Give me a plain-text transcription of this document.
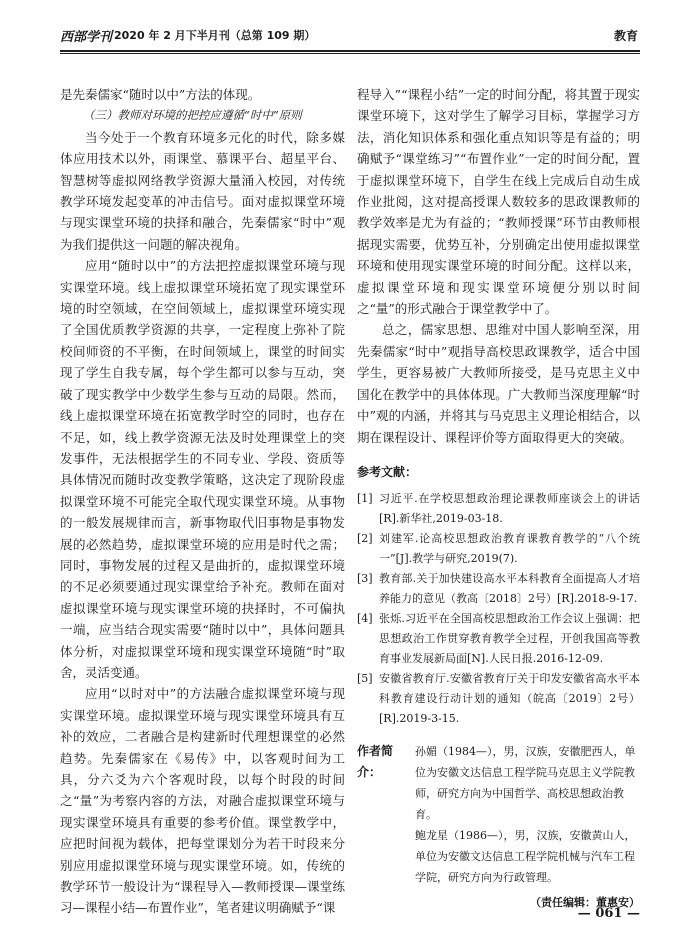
西部学刊 2020 年 2 月下半月刊（总第 109 期）	教育

是先秦儒家“随时以中”方法的体现。

（三）教师对环境的把控应遵循“时中”原则

当今处于一个教育环境多元化的时代，除多媒体应用技术以外，雨课堂、慕课平台、超星平台、智慧树等虚拟网络教学资源大量涌入校园，对传统教学环境发起变革的冲击信号。面对虚拟课堂环境与现实课堂环境的抉择和融合，先秦儒家“时中”观为我们提供这一问题的解决视角。

应用“随时以中”的方法把控虚拟课堂环境与现实课堂环境。线上虚拟课堂环境拓宽了现实课堂环境的时空领域，在空间领域上，虚拟课堂环境实现了全国优质教学资源的共享，一定程度上弥补了院校间师资的不平衡，在时间领域上，课堂的时间实现了学生自我专属，每个学生都可以参与互动，突破了现实教学中少数学生参与互动的局限。然而，线上虚拟课堂环境在拓宽教学时空的同时，也存在不足，如，线上教学资源无法及时处理课堂上的突发事件，无法根据学生的不同专业、学段、资质等具体情况而随时改变教学策略，这决定了现阶段虚拟课堂环境不可能完全取代现实课堂环境。从事物的一般发展规律而言，新事物取代旧事物是事物发展的必然趋势，虚拟课堂环境的应用是时代之需；同时，事物发展的过程又是曲折的，虚拟课堂环境的不足必须要通过现实课堂给予补充。教师在面对虚拟课堂环境与现实课堂环境的抉择时，不可偏执一端，应当结合现实需要“随时以中”，具体问题具体分析，对虚拟课堂环境和现实课堂环境随“时”取舍，灵活变通。

应用“以时对中”的方法融合虚拟课堂环境与现实课堂环境。虚拟课堂环境与现实课堂环境具有互补的效应，二者融合是构建新时代理想课堂的必然趋势。先秦儒家在《易传》中，以客观时间为工具，分六爻为六个客观时段，以每个时段的时间之“量”为考察内容的方法，对融合虚拟课堂环境与现实课堂环境具有重要的参考价值。课堂教学中，应把时间视为载体，把每堂课划分为若干时段来分别应用虚拟课堂环境与现实课堂环境。如，传统的教学环节一般设计为“课程导入—教师授课—课堂练习—课程小结—布置作业”，笔者建议明确赋予“课

程导入”“课程小结”一定的时间分配，将其置于现实课堂环境下，这对学生了解学习目标，掌握学习方法，消化知识体系和强化重点知识等是有益的；明确赋予“课堂练习”“布置作业”一定的时间分配，置于虚拟课堂环境下，自学生在线上完成后自动生成作业批阅，这对提高授课人数较多的思政课教师的教学效率是尤为有益的；“教师授课”环节由教师根据现实需要，优势互补，分别确定出使用虚拟课堂环境和使用现实课堂环境的时间分配。这样以来，虚拟课堂环境和现实课堂环境便分别以时间之“量”的形式融合于课堂教学中了。

总之，儒家思想、思维对中国人影响至深，用先秦儒家“时中”观指导高校思政课教学，适合中国学生，更容易被广大教师所接受，是马克思主义中国化在教学中的具体体现。广大教师当深度理解“时中”观的内涵，并将其与马克思主义理论相结合，以期在课程设计、课程评价等方面取得更大的突破。

参考文献：

[1] 习近平.在学校思想政治理论课教师座谈会上的讲话[R].新华社,2019-03-18.
[2] 刘建军.论高校思想政治教育课教育教学的“八个统一”[J].教学与研究,2019(7).
[3] 教育部.关于加快建设高水平本科教育全面提高人才培养能力的意见（教高〔2018〕2号）[R].2018-9-17.
[4] 张烁.习近平在全国高校思想政治工作会议上强调：把思想政治工作贯穿教育教学全过程，开创我国高等教育事业发展新局面[N].人民日报.2016-12-09.
[5] 安徽省教育厅.安徽省教育厅关于印发安徽省高水平本科教育建设行动计划的通知（皖高〔2019〕2号）[R].2019-3-15.
作者简介：

孙媚（1984—），男，汉族，安徽肥西人，单位为安徽文达信息工程学院马克思主义学院教师，研究方向为中国哲学、高校思想政治教育。

鲍龙星（1986—），男，汉族，安徽黄山人，单位为安徽文达信息工程学院机械与汽车工程学院，研究方向为行政管理。

（责任编辑：董惠安）
— 061 —
